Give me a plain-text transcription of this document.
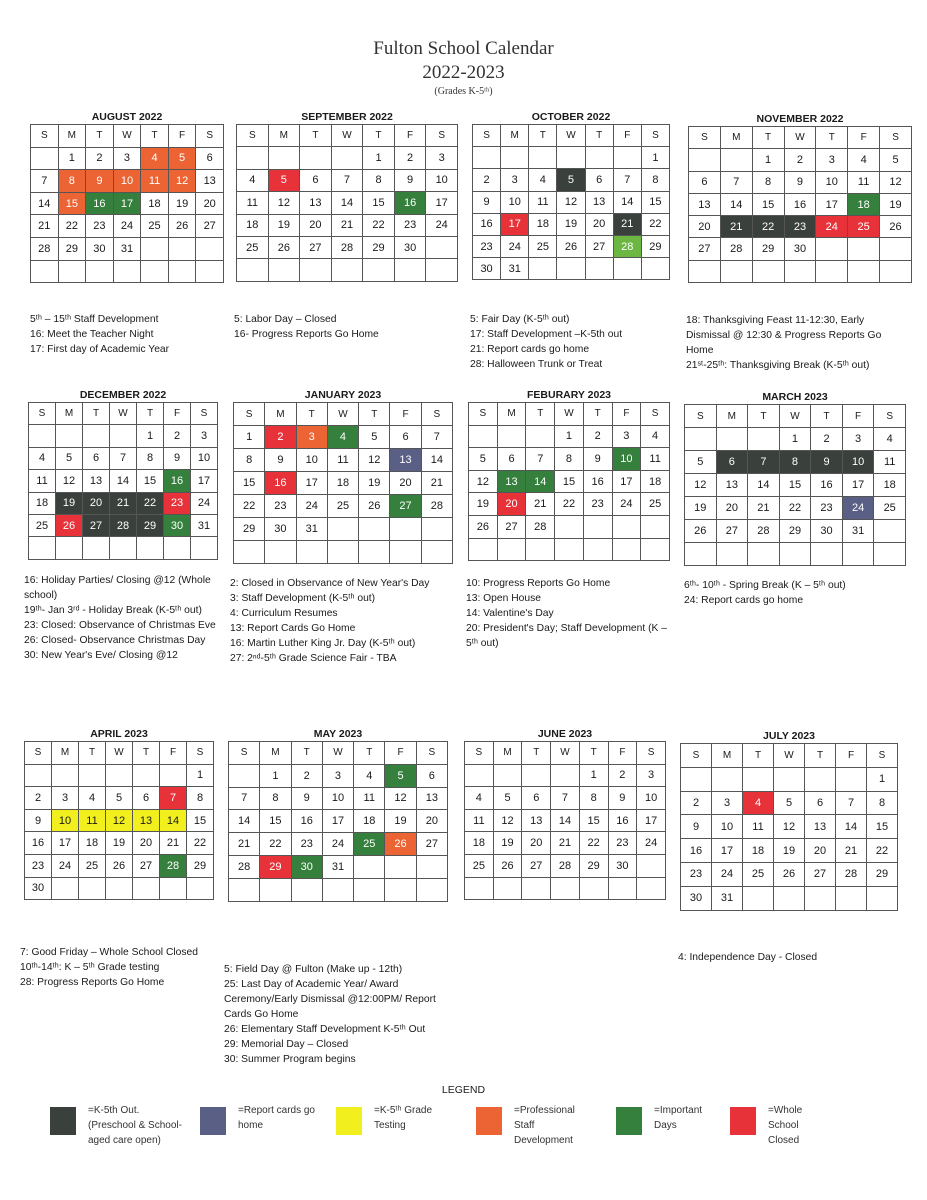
Fulton School Calendar
2022-2023
(Grades K-5ᵗʰ)
AUGUST 2022
S	M	T	W	T	F	S
	1	2	3	4	5	6
7	8	9	10	11	12	13
14	15	16	17	18	19	20
21	22	23	24	25	26	27
28	29	30	31			

5ᵗʰ – 15ᵗʰ Staff Development
16: Meet the Teacher Night
17: First day of Academic Year
SEPTEMBER 2022
S	M	T	W	T	F	S
				1	2	3
4	5	6	7	8	9	10
11	12	13	14	15	16	17
18	19	20	21	22	23	24
25	26	27	28	29	30	

5: Labor Day – Closed
16- Progress Reports Go Home
OCTOBER 2022
S	M	T	W	T	F	S
						1
2	3	4	5	6	7	8
9	10	11	12	13	14	15
16	17	18	19	20	21	22
23	24	25	26	27	28	29
30	31					
5: Fair Day (K-5ᵗʰ out)
17: Staff Development –K-5th out
21: Report cards go home
28: Halloween Trunk or Treat
NOVEMBER 2022
S	M	T	W	T	F	S
		1	2	3	4	5
6	7	8	9	10	11	12
13	14	15	16	17	18	19
20	21	22	23	24	25	26
27	28	29	30			

18: Thanksgiving Feast 11-12:30, Early Dismissal @ 12:30 & Progress Reports Go Home
21ˢᵗ-25ᵗʰ: Thanksgiving Break (K-5ᵗʰ out)
DECEMBER 2022
S	M	T	W	T	F	S
				1	2	3
4	5	6	7	8	9	10
11	12	13	14	15	16	17
18	19	20	21	22	23	24
25	26	27	28	29	30	31

16: Holiday Parties/ Closing @12 (Whole school)
19ᵗʰ- Jan 3ʳᵈ - Holiday Break (K-5ᵗʰ out)
23: Closed: Observance of Christmas Eve
26: Closed- Observance Christmas Day
30: New Year's Eve/ Closing @12
JANUARY 2023
S	M	T	W	T	F	S
1	2	3	4	5	6	7
8	9	10	11	12	13	14
15	16	17	18	19	20	21
22	23	24	25	26	27	28
29	30	31				

2: Closed in Observance of New Year's Day
3: Staff Development (K-5ᵗʰ out)
4: Curriculum Resumes
13: Report Cards Go Home
16: Martin Luther King Jr. Day (K-5ᵗʰ out)
27: 2ⁿᵈ-5ᵗʰ Grade Science Fair - TBA
FEBURARY 2023
S	M	T	W	T	F	S
			1	2	3	4
5	6	7	8	9	10	11
12	13	14	15	16	17	18
19	20	21	22	23	24	25
26	27	28				

10: Progress Reports Go Home
13: Open House
14: Valentine's Day
20: President's Day; Staff Development (K – 5ᵗʰ out)
MARCH 2023
S	M	T	W	T	F	S
			1	2	3	4
5	6	7	8	9	10	11
12	13	14	15	16	17	18
19	20	21	22	23	24	25
26	27	28	29	30	31	

6ᵗʰ- 10ᵗʰ - Spring Break (K – 5ᵗʰ out)
24: Report cards go home
APRIL 2023
S	M	T	W	T	F	S
						1
2	3	4	5	6	7	8
9	10	11	12	13	14	15
16	17	18	19	20	21	22
23	24	25	26	27	28	29
30						
7: Good Friday – Whole School Closed
10ᵗʰ-14ᵗʰ: K – 5ᵗʰ Grade testing
28: Progress Reports Go Home
MAY 2023
S	M	T	W	T	F	S
	1	2	3	4	5	6
7	8	9	10	11	12	13
14	15	16	17	18	19	20
21	22	23	24	25	26	27
28	29	30	31			

5: Field Day @ Fulton (Make up - 12th)
25: Last Day of Academic Year/ Award Ceremony/Early Dismissal @12:00PM/ Report Cards Go Home
26: Elementary Staff Development K-5ᵗʰ Out
29: Memorial Day – Closed
30: Summer Program begins
JUNE 2023
S	M	T	W	T	F	S
				1	2	3
4	5	6	7	8	9	10
11	12	13	14	15	16	17
18	19	20	21	22	23	24
25	26	27	28	29	30	

JULY 2023
S	M	T	W	T	F	S
						1
2	3	4	5	6	7	8
9	10	11	12	13	14	15
16	17	18	19	20	21	22
23	24	25	26	27	28	29
30	31					
4: Independence Day - Closed
LEGEND
=K-5th Out.
(Preschool & School-
aged care open)
=Report cards go
home
=K-5ᵗʰ Grade
Testing
=Professional
Staff
Development
=Important
Days
=Whole
School
Closed
